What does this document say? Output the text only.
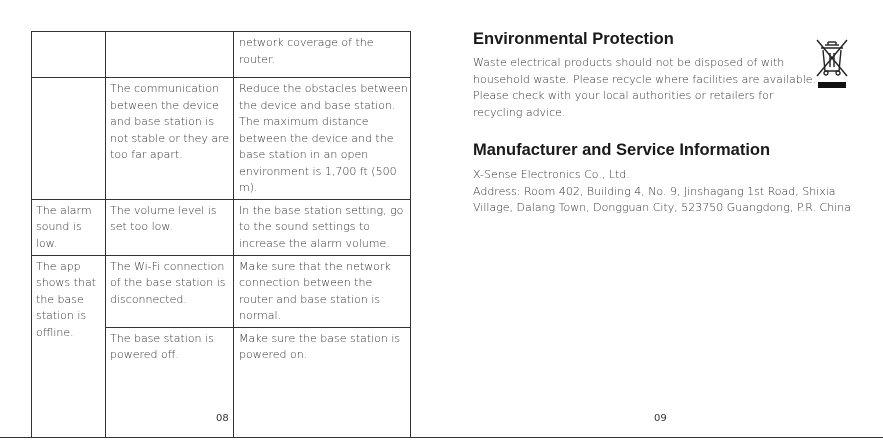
		network coverage of the router.
	The communication between the device and base station is not stable or they are too far apart.	Reduce the obstacles between the device and base station. The maximum distance between the device and the base station in an open environment is 1,700 ft (500 m).
The alarm sound is low.	The volume level is set too low.	In the base station setting, go to the sound settings to increase the alarm volume.
The app shows that the base station is offline.	The Wi-Fi connection of the base station is disconnected.	Make sure that the network connection between the router and base station is normal.
	The base station is powered off.	Make sure the base station is powered on.
08
Environmental Protection

Waste electrical products should not be disposed of with household waste. Please recycle where facilities are available. Please check with your local authorities or retailers for recycling advice.

Manufacturer and Service Information
X-Sense Electronics Co., Ltd.
Address: Room 402, Building 4, No. 9, Jinshagang 1st Road, Shixia Village, Dalang Town, Dongguan City, 523750 Guangdong, P.R. China
09
